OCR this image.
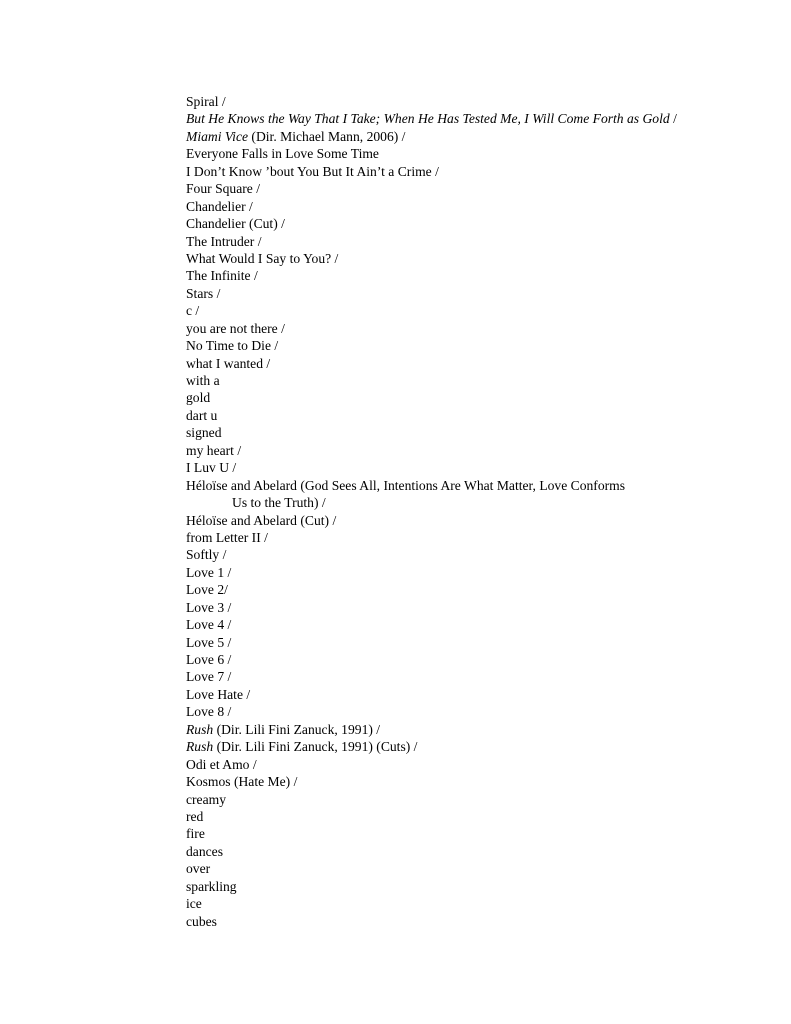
Spiral /
But He Knows the Way That I Take; When He Has Tested Me, I Will Come Forth as Gold /
Miami Vice (Dir. Michael Mann, 2006) /
Everyone Falls in Love Some Time
I Don’t Know ’bout You But It Ain’t a Crime /
Four Square /
Chandelier /
Chandelier (Cut) /
The Intruder /
What Would I Say to You? /
The Infinite /
Stars /
c /
you are not there /
No Time to Die /
what I wanted /
with a
gold
dart u
signed
my heart /
I Luv U /
Héloïse and Abelard (God Sees All, Intentions Are What Matter, Love Conforms
Us to the Truth) /
Héloïse and Abelard (Cut) /
from Letter II /
Softly /
Love 1 /
Love 2/
Love 3 /
Love 4 /
Love 5 /
Love 6 /
Love 7 /
Love Hate /
Love 8 /
Rush (Dir. Lili Fini Zanuck, 1991) /
Rush (Dir. Lili Fini Zanuck, 1991) (Cuts) /
Odi et Amo /
Kosmos (Hate Me) /
creamy
red
fire
dances
over
sparkling
ice
cubes
